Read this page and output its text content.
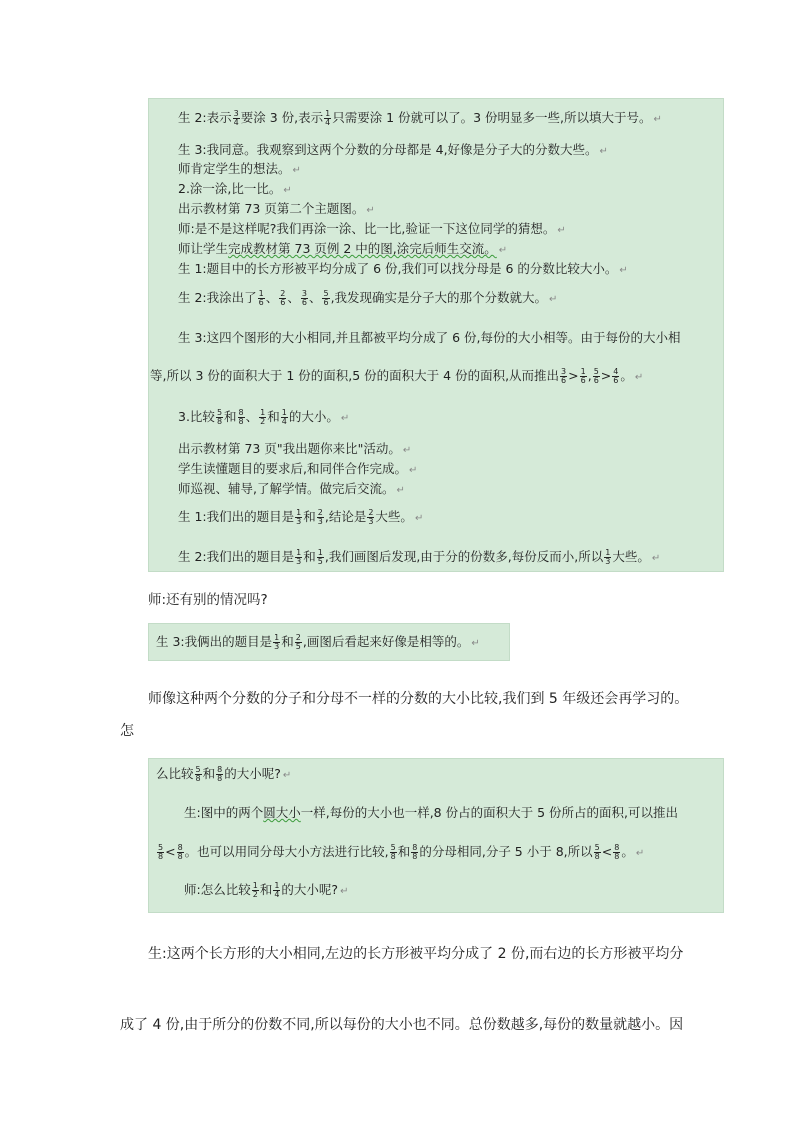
生 2:表示 $\frac{3}{4}$ 要涂 3 份,表示 $\frac{1}{4}$ 只需要涂 1 份就可以了。3 份明显多一些,所以填大于号。 ↵
生 3:我同意。我观察到这两个分数的分母都是 4,好像是分子大的分数大些。 ↵
师肯定学生的想法。 ↵
2.涂一涂,比一比。 ↵
出示教材第 73 页第二个主题图。 ↵
师:是不是这样呢?我们再涂一涂、比一比,验证一下这位同学的猜想。 ↵
师让学生完成教材第 73 页例 2 中的图,涂完后师生交流。 ↵
生 1:题目中的长方形被平均分成了 6 份,我们可以找分母是 6 的分数比较大小。 ↵
生 2:我涂出了 $\frac{1}{6}$ 、 $\frac{2}{6}$ 、 $\frac{3}{6}$ 、 $\frac{5}{6}$ ,我发现确实是分子大的那个分数就大。 ↵
生 3:这四个图形的大小相同,并且都被平均分成了 6 份,每份的大小相等。由于每份的大小相
等,所以 3 份的面积大于 1 份的面积,5 份的面积大于 4 份的面积,从而推出 $\frac{3}{6} > \frac{1}{6}$ , $\frac{5}{6} > \frac{4}{6}$ 。 ↵
3.比较 $\frac{5}{8}$ 和 $\frac{8}{8}$ 、 $\frac{1}{2}$ 和 $\frac{1}{4}$ 的大小。 ↵
出示教材第 73 页"我出题你来比"活动。 ↵
学生读懂题目的要求后,和同伴合作完成。 ↵
师巡视、辅导,了解学情。做完后交流。 ↵
生 1:我们出的题目是 $\frac{1}{3}$ 和 $\frac{2}{3}$ ,结论是 $\frac{2}{3}$ 大些。 ↵
生 2:我们出的题目是 $\frac{1}{3}$ 和 $\frac{1}{5}$ ,我们画图后发现,由于分的份数多,每份反而小,所以 $\frac{1}{3}$ 大些。 ↵
师:还有别的情况吗?
生 3:我俩出的题目是 $\frac{1}{3}$ 和 $\frac{2}{5}$ ,画图后看起来好像是相等的。 ↵
师像这种两个分数的分子和分母不一样的分数的大小比较,我们到 5 年级还会再学习的。
怎
么比较 $\frac{5}{8}$ 和 $\frac{8}{8}$ 的大小呢? ↵
生:图中的两个圆大小一样,每份的大小也一样,8 份占的面积大于 5 份所占的面积,可以推出
$\frac{5}{8} < \frac{8}{8}$ 。也可以用同分母大小方法进行比较, $\frac{5}{8}$ 和 $\frac{8}{8}$ 的分母相同,分子 5 小于 8,所以 $\frac{5}{8} < \frac{8}{8}$ 。 ↵
师:怎么比较 $\frac{1}{2}$ 和 $\frac{1}{4}$ 的大小呢? ↵
生:这两个长方形的大小相同,左边的长方形被平均分成了 2 份,而右边的长方形被平均分
成了 4 份,由于所分的份数不同,所以每份的大小也不同。总份数越多,每份的数量就越小。因
